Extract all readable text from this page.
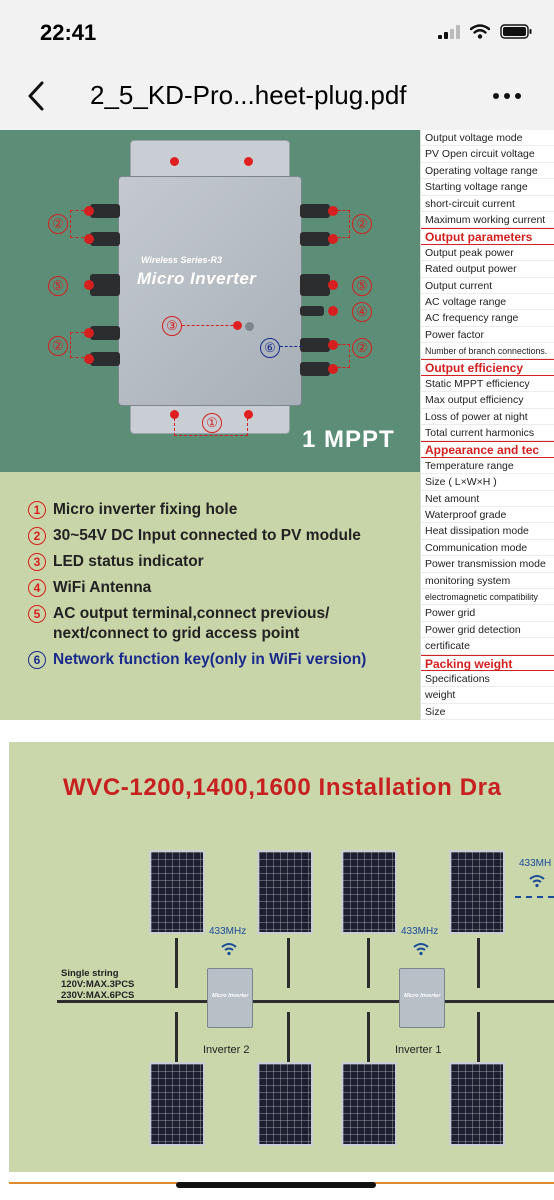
22:41
2_5_KD-Pro...heet-plug.pdf
①
Wireless Series-R3
Micro Inverter
②
⑤
②
②
⑤
④
②
③
⑥
1 MPPT
1 Micro inverter fixing hole
2 30~54V DC Input connected to PV module
3 LED status indicator
4 WiFi Antenna
5 AC output terminal,connect previous/ next/connect to grid access point
6 Network function key(only in WiFi version)
Output voltage mode
PV Open circuit voltage
Operating voltage range
Starting voltage range
short-circuit current
Maximum working current
Output parameters
Output peak power
Rated output power
Output current
AC voltage range
AC frequency range
Power factor
Number of branch connections.
Output efficiency
Static MPPT efficiency
Max output efficiency
Loss of power at night
Total current harmonics
Appearance and tec
Temperature range
Size ( L×W×H )
Net amount
Waterproof grade
Heat dissipation mode
Communication mode
Power transmission mode
monitoring system
electromagnetic compatibility
Power grid
Power grid detection
certificate
Packing weight
Specifications
weight
Size
WVC-1200,1400,1600 Installation Dra
Micro Inverter	Micro Inverter
Inverter 2	Inverter 1
433MHz	433MHz
433MH
Single string
120V:MAX.3PCS
230V:MAX.6PCS
